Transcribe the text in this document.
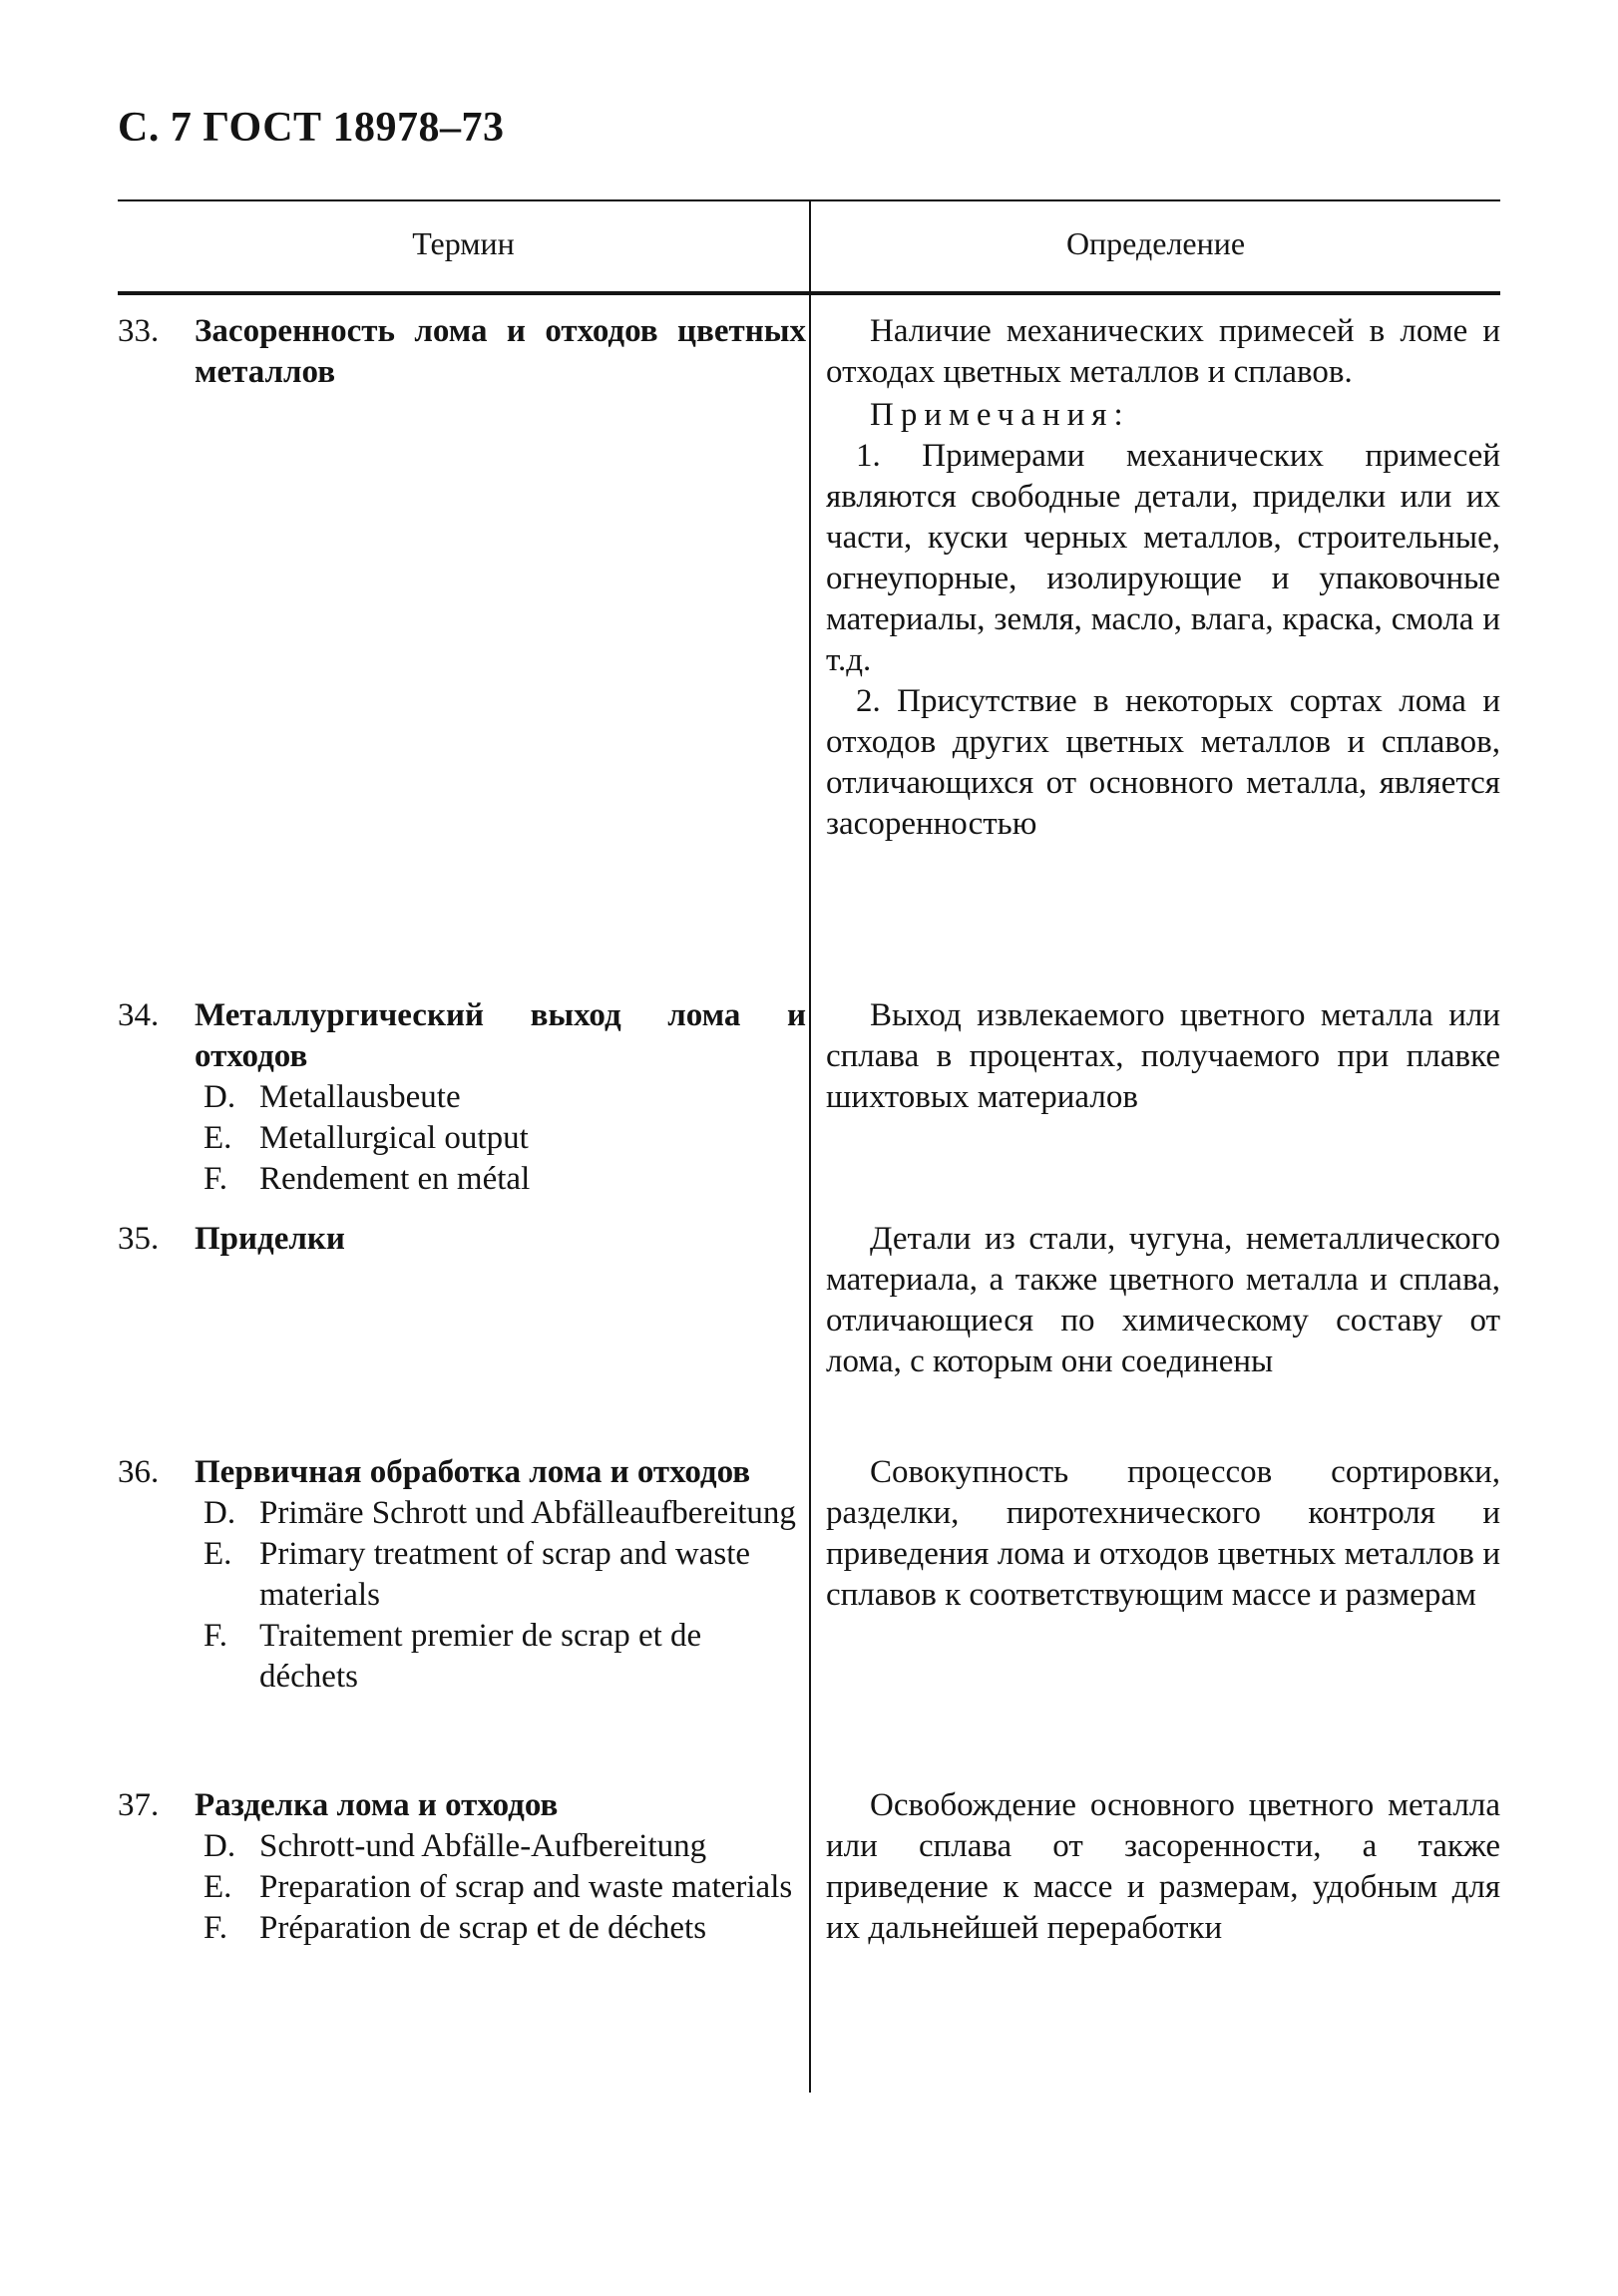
С. 7 ГОСТ 18978–73
Термин	Определение
33. Засоренность лома и отходов цветных металлов

Наличие механических примесей в ломе и отходах цветных металлов и сплавов.

Примечания:

1. Примерами механических примесей являются свободные детали, приделки или их части, куски черных металлов, строительные, огнеупорные, изолирующие и упаковочные материалы, земля, масло, влага, краска, смола и т.д.

2. Присутствие в некоторых сортах лома и отходов других цветных металлов и сплавов, отличающихся от основного металла, является засоренностью

34. Металлургический выход лома и отходов
D. Metallausbeute
E. Metallurgical output
F. Rendement en métal

Выход извлекаемого цветного металла или сплава в процентах, получаемого при плавке шихтовых материалов

35. Приделки	Детали из стали, чугуна, неметаллического материала, а также цветного металла и сплава, отличающиеся по химическому составу от лома, с которым они соединены

36. Первичная обработка лома и отходов
D. Primäre Schrott und Abfälleaufbereitung
E. Primary treatment of scrap and waste materials
F. Traitement premier de scrap et de déchets

Совокупность процессов сортировки, разделки, пиротехнического контроля и приведения лома и отходов цветных металлов и сплавов к соответствующим массе и размерам

37. Разделка лома и отходов
D. Schrott-und Abfälle-Aufbereitung
E. Preparation of scrap and waste materials
F. Préparation de scrap et de déchets

Освобождение основного цветного металла или сплава от засоренности, а также приведение к массе и размерам, удобным для их дальнейшей переработки
